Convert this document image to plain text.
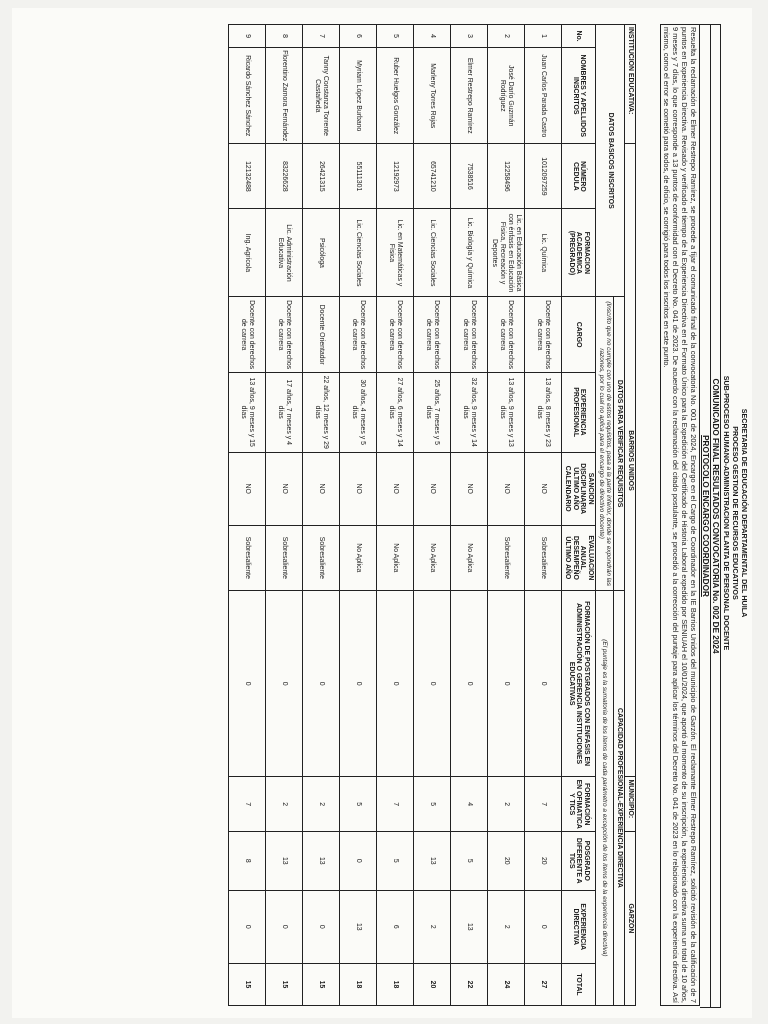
SECRETARIA DE EDUCACIÓN DEPARTAMENTAL DEL HUILA

PROCESO GESTION DE RECURSOS EDUCATIVOS

SUB-PROCESO HUMANO-ADMINISTRACION PLANTA DE PERSONAL DOCENTE

COMUNICADO FINAL RESULTADOS CONVOCATORIA No. 002 DE 2024
PROTOCOLO ENCARGO COORDINADOR
Resuelta la reclamación de Elmer Restrepo Ramírez, se procede a fijar el comunicado final de la convocatoria No. 001 de 2024, Encargo en el Cargo de Coordinador en la IE Barrios Unidos del municipio de Garzón. El reclamante Elmer Restrepo Ramírez, solicitó revisión de la calificación de 7 puntos en Experiencia Directiva. Revisado y verificado el tiempo de la Experiencia Directiva en el Formato Único para la Expedición del Certificado de Historia Laboral expedido por SENIUAH el 10/01/2024, que aportó al momento de su inscripción, la experiencia directiva suma un total de 10 años, 9 meses y 7 días, lo que corresponde a 13 puntos de conformidad con el Decreto No. 041 de 2023. De acuerdo con la reclamación del citado postulante, se procedió a la corrección del puntaje para aplicar los términos del Decreto No. 041 de 2023 en lo relacionado con la experiencia directiva. Así mismo, como el error se cometió para todos, de oficio, se corrigió para todos los inscritos en este punto.
INSTITUCION EDUCATIVA:		BARRIOS UNIDOS							MUNICIPIO:	GARZÓN		
DATOS BASICOS INSCRITOS				DATOS PARA VERIFICAR REQUISITOS				CAPACIDAD PROFESIONAL-EXPERIENCIA DIRECTIVA				
				(Inscrito que no cumple con uno de estos requisitos, pasa a la parte inferior, donde se expondrán las razones, por lo cual no aplica para el encargo de directivo docente)				(El puntaje es la sumatoria de los ítems de cada parámetro a excepción de los ítems de la experiencia directiva)				
No.	NOMBRES Y APELLIDOS INSCRITOS	NÚMERO CEDULA	FORMACION ACADEMICA (PREGRADO)	CARGO	EXPERIENCIA PROFESIONAL	SANCION DISCIPLINARIA ÚLTIMO AÑO CALENDARIO	EVALUACION ANUAL DESEMPEÑO ÚLTIMO AÑO	FORMACIÓN DE POSTGRADOS CON ENFASIS EN ADMINISTRACIÓN O GERENCIA INSTITUCIONES EDUCATIVAS	FORMACIÓN EN OFIMATICA Y TICS	POSGRADO DIFERENTE A TICS	EXPERIENCIA DIRECTIVA	TOTAL
1	Juan Carlos Parada Castro	1012097259	Lic. Química	Docente con derechos de carrera	13 años, 8 meses y 23 días	NO	Sobresaliente	0	7	20	0	27
2	José Darío Guzmán Rodríguez	12258496	Lic. en Educación Básica con énfasis en Educación Física, Recreación y Deportes	Docente con derechos de carrera	13 años, 9 meses y 13 días	NO	Sobresaliente	0	2	20	2	24
3	Elmer Restrepo Ramírez	7538516	Lic. Biología y Química	Docente con derechos de carrera	32 años, 9 meses y 14 días	NO	No Aplica	0	4	5	13	22
4	Marleny Torres Rojas	65741210	Lic. Ciencias Sociales	Docente con derechos de carrera	25 años, 7 meses y 5 días	NO	No Aplica	0	5	13	2	20
5	Ruber Huelgos González	12192973	Lic. en Matemáticas y Física	Docente con derechos de carrera	27 años, 6 meses y 14 días	NO	No Aplica	0	7	5	6	18
6	Myriam López Burbano	55111301	Lic. Ciencias Sociales	Docente con derechos de carrera	30 años, 4 meses y 5 días	NO	No Aplica	0	5	0	13	18
7	Tanny Constanza Torrente Castañeda	26421315	Psicóloga	Docente Orientador	22 años, 12 meses y 29 días	NO	Sobresaliente	0	2	13	0	15
8	Florentino Zamora Fernández	83226628	Lic. Administración Educativa	Docente con derechos de carrera	17 años, 7 meses y 4 días	NO	Sobresaliente	0	2	13	0	15
9	Ricardo Sánchez Sánchez	12132488	Ing. Agrícola	Docente con derechos de carrera	13 años, 9 meses y 15 días	NO	Sobresaliente	0	7	8	0	15
